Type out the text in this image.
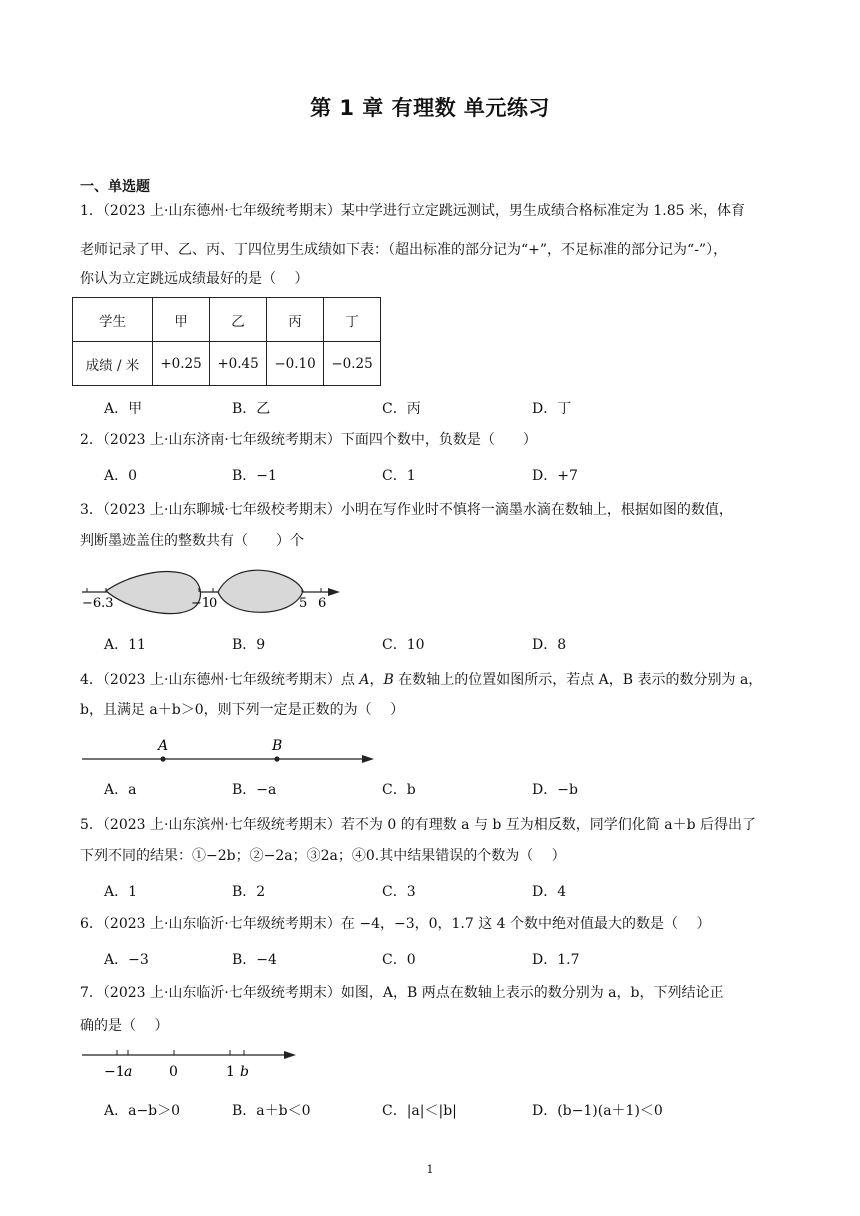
第 1 章 有理数 单元练习
一、单选题
1．（2023 上·山东德州·七年级统考期末）某中学进行立定跳远测试，男生成绩合格标准定为 1.85 米，体育
老师记录了甲、乙、丙、丁四位男生成绩如下表：（超出标准的部分记为“+”，不足标准的部分记为“-”），
你认为立定跳远成绩最好的是（　 ）
学生	甲	乙	丙	丁
成绩 / 米	+0.25	+0.45	−0.10	−0.25
A．甲	B．乙	C．丙	D．丁
2．（2023 上·山东济南·七年级统考期末）下面四个数中，负数是（　　）
A．0	B．−1	C．1	D．+7
3．（2023 上·山东聊城·七年级校考期末）小明在写作业时不慎将一滴墨水滴在数轴上，根据如图的数值，
判断墨迹盖住的整数共有（　　）个
−6.3	−1
0	5 6
A．11	B．9	C．10	D．8
4．（2023 上·山东德州·七年级统考期末）点 A，B 在数轴上的位置如图所示，若点 A，B 表示的数分别为 a，
b，且满足 a＋b＞0，则下列一定是正数的为（　 ）
A	B
A．a	B．−a	C．b	D．−b
5．（2023 上·山东滨州·七年级统考期末）若不为 0 的有理数 a 与 b 互为相反数，同学们化简 a＋b 后得出了
下列不同的结果：①−2b；②−2a；③2a；④0.其中结果错误的个数为（　 ）
A．1	B．2	C．3	D．4
6．（2023 上·山东临沂·七年级统考期末）在 −4，−3，0，1.7 这 4 个数中绝对值最大的数是（　 ）
A．−3	B．−4	C．0	D．1.7
7．（2023 上·山东临沂·七年级统考期末）如图，A，B 两点在数轴上表示的数分别为 a，b，下列结论正
确的是（　 ）
−1 a	0	1 b
A．a−b＞0	B．a＋b＜0	C．|a|＜|b|	D．(b−1)(a＋1)＜0
1
